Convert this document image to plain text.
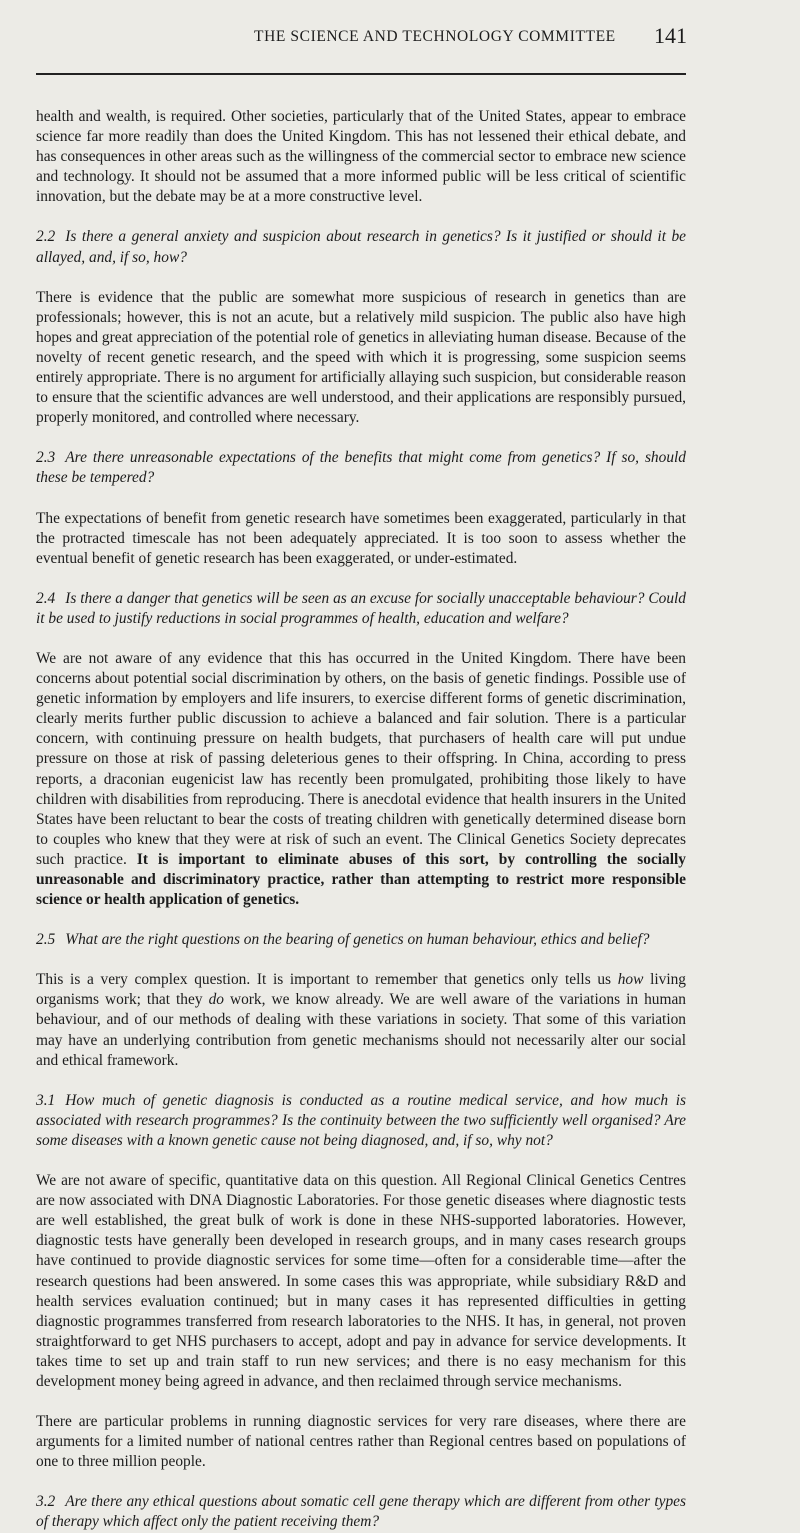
THE SCIENCE AND TECHNOLOGY COMMITTEE 141

health and wealth, is required. Other societies, particularly that of the United States, appear to embrace science far more readily than does the United Kingdom. This has not lessened their ethical debate, and has consequences in other areas such as the willingness of the commercial sector to embrace new science and technology. It should not be assumed that a more informed public will be less critical of scientific innovation, but the debate may be at a more constructive level.

2.2 Is there a general anxiety and suspicion about research in genetics? Is it justified or should it be allayed, and, if so, how?

There is evidence that the public are somewhat more suspicious of research in genetics than are professionals; however, this is not an acute, but a relatively mild suspicion. The public also have high hopes and great appreciation of the potential role of genetics in alleviating human disease. Because of the novelty of recent genetic research, and the speed with which it is progressing, some suspicion seems entirely appropriate. There is no argument for artificially allaying such suspicion, but considerable reason to ensure that the scientific advances are well understood, and their applications are responsibly pursued, properly monitored, and controlled where necessary.

2.3 Are there unreasonable expectations of the benefits that might come from genetics? If so, should these be tempered?

The expectations of benefit from genetic research have sometimes been exaggerated, particularly in that the protracted timescale has not been adequately appreciated. It is too soon to assess whether the eventual benefit of genetic research has been exaggerated, or under-estimated.

2.4 Is there a danger that genetics will be seen as an excuse for socially unacceptable behaviour? Could it be used to justify reductions in social programmes of health, education and welfare?

We are not aware of any evidence that this has occurred in the United Kingdom. There have been concerns about potential social discrimination by others, on the basis of genetic findings. Possible use of genetic information by employers and life insurers, to exercise different forms of genetic discrimination, clearly merits further public discussion to achieve a balanced and fair solution. There is a particular concern, with continuing pressure on health budgets, that purchasers of health care will put undue pressure on those at risk of passing deleterious genes to their offspring. In China, according to press reports, a draconian eugenicist law has recently been promulgated, prohibiting those likely to have children with disabilities from reproducing. There is anecdotal evidence that health insurers in the United States have been reluctant to bear the costs of treating children with genetically determined disease born to couples who knew that they were at risk of such an event. The Clinical Genetics Society deprecates such practice. It is important to eliminate abuses of this sort, by controlling the socially unreasonable and discriminatory practice, rather than attempting to restrict more responsible science or health application of genetics.

2.5 What are the right questions on the bearing of genetics on human behaviour, ethics and belief?

This is a very complex question. It is important to remember that genetics only tells us how living organisms work; that they do work, we know already. We are well aware of the variations in human behaviour, and of our methods of dealing with these variations in society. That some of this variation may have an underlying contribution from genetic mechanisms should not necessarily alter our social and ethical framework.

3.1 How much of genetic diagnosis is conducted as a routine medical service, and how much is associated with research programmes? Is the continuity between the two sufficiently well organised? Are some diseases with a known genetic cause not being diagnosed, and, if so, why not?

We are not aware of specific, quantitative data on this question. All Regional Clinical Genetics Centres are now associated with DNA Diagnostic Laboratories. For those genetic diseases where diagnostic tests are well established, the great bulk of work is done in these NHS-supported laboratories. However, diagnostic tests have generally been developed in research groups, and in many cases research groups have continued to provide diagnostic services for some time—often for a considerable time—after the research questions had been answered. In some cases this was appropriate, while subsidiary R&D and health services evaluation continued; but in many cases it has represented difficulties in getting diagnostic programmes transferred from research laboratories to the NHS. It has, in general, not proven straightforward to get NHS purchasers to accept, adopt and pay in advance for service developments. It takes time to set up and train staff to run new services; and there is no easy mechanism for this development money being agreed in advance, and then reclaimed through service mechanisms.

There are particular problems in running diagnostic services for very rare diseases, where there are arguments for a limited number of national centres rather than Regional centres based on populations of one to three million people.

3.2 Are there any ethical questions about somatic cell gene therapy which are different from other types of therapy which affect only the patient receiving them?
